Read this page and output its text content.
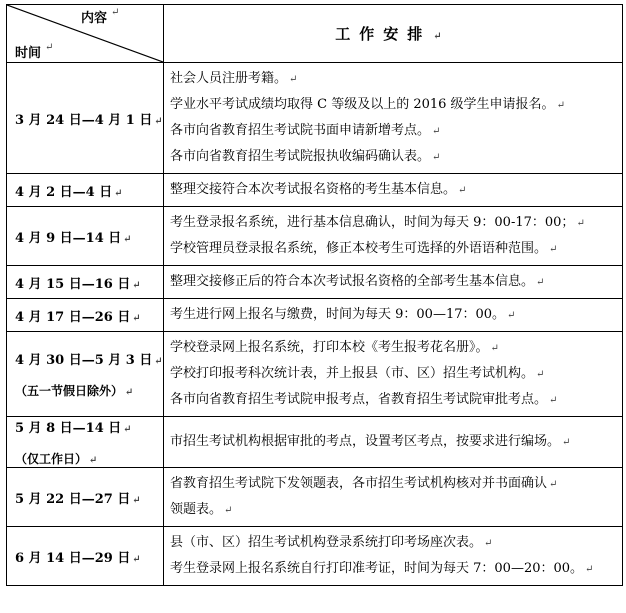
内容 ↵
时间 ↵	工作安排 ↵
3 月 24 日—4 月 1 日 ↵	社会人员注册考籍。 ↵
学业水平考试成绩均取得 C 等级及以上的 2016 级学生申请报名。 ↵
各市向省教育招生考试院书面申请新增考点。 ↵
各市向省教育招生考试院报执收编码确认表。 ↵

4 月 2 日—4 日 ↵	整理交接符合本次考试报名资格的考生基本信息。 ↵

4 月 9 日—14 日 ↵	考生登录报名系统，进行基本信息确认，时间为每天 9：00-17：00； ↵
学校管理员登录报名系统，修正本校考生可选择的外语语种范围。 ↵

4 月 15 日—16 日 ↵	整理交接修正后的符合本次考试报名资格的全部考生基本信息。 ↵

4 月 17 日—26 日 ↵	考生进行网上报名与缴费，时间为每天 9：00—17：00。 ↵

4 月 30 日—5 月 3 日 ↵
（五一节假日除外） ↵	学校登录网上报名系统，打印本校《考生报考花名册》。 ↵
学校打印报考科次统计表，并上报县（市、区）招生考试机构。 ↵
各市向省教育招生考试院申报考点，省教育招生考试院审批考点。 ↵

5 月 8 日—14 日 ↵
（仅工作日） ↵	市招生考试机构根据审批的考点，设置考区考点，按要求进行编场。 ↵

5 月 22 日—27 日 ↵	省教育招生考试院下发领题表，各市招生考试机构核对并书面确认 ↵
领题表。 ↵

6 月 14 日—29 日 ↵	县（市、区）招生考试机构登录系统打印考场座次表。 ↵
考生登录网上报名系统自行打印准考证，时间为每天 7：00—20：00。 ↵
